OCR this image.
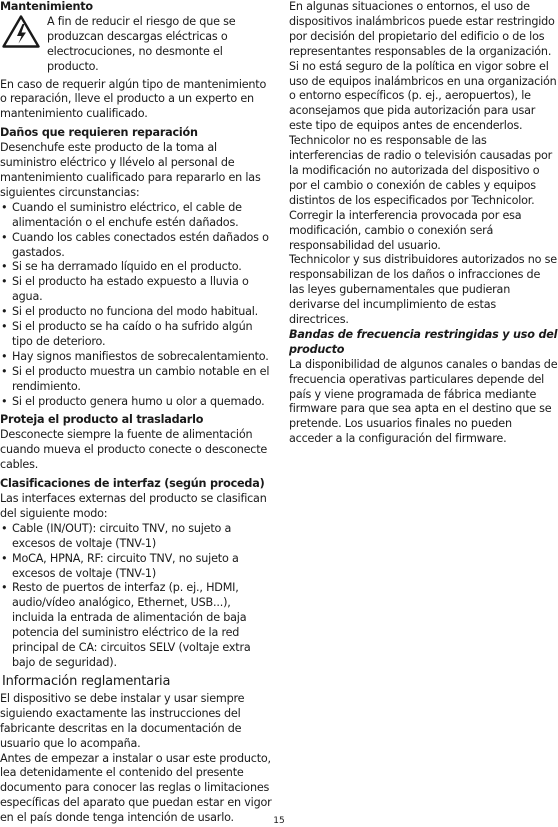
Mantenimiento

A fin de reducir el riesgo de que se produzcan descargas eléctricas o electrocuciones, no desmonte el producto.

En caso de requerir algún tipo de mantenimiento o reparación, lleve el producto a un experto en mantenimiento cualificado.

Daños que requieren reparación

Desenchufe este producto de la toma al suministro eléctrico y llévelo al personal de mantenimiento cualificado para repararlo en las siguientes circunstancias:

• Cuando el suministro eléctrico, el cable de alimentación o el enchufe estén dañados.
• Cuando los cables conectados estén dañados o gastados.
• Si se ha derramado líquido en el producto.
• Si el producto ha estado expuesto a lluvia o agua.
• Si el producto no funciona del modo habitual.
• Si el producto se ha caído o ha sufrido algún tipo de deterioro.
• Hay signos manifiestos de sobrecalentamiento.
• Si el producto muestra un cambio notable en el rendimiento.
• Si el producto genera humo u olor a quemado.

Proteja el producto al trasladarlo

Desconecte siempre la fuente de alimentación cuando mueva el producto conecte o desconecte cables.

Clasificaciones de interfaz (según proceda)

Las interfaces externas del producto se clasifican del siguiente modo:

• Cable (IN/OUT): circuito TNV, no sujeto a excesos de voltaje (TNV-1)
• MoCA, HPNA, RF: circuito TNV, no sujeto a excesos de voltaje (TNV-1)
• Resto de puertos de interfaz (p. ej., HDMI, audio/vídeo analógico, Ethernet, USB...), incluida la entrada de alimentación de baja potencia del suministro eléctrico de la red principal de CA: circuitos SELV (voltaje extra bajo de seguridad).

Información reglamentaria

El dispositivo se debe instalar y usar siempre siguiendo exactamente las instrucciones del fabricante descritas en la documentación de usuario que lo acompaña.

Antes de empezar a instalar o usar este producto, lea detenidamente el contenido del presente documento para conocer las reglas o limitaciones específicas del aparato que puedan estar en vigor en el país donde tenga intención de usarlo.

En algunas situaciones o entornos, el uso de dispositivos inalámbricos puede estar restringido por decisión del propietario del edificio o de los representantes responsables de la organización.

Si no está seguro de la política en vigor sobre el uso de equipos inalámbricos en una organización o entorno específicos (p. ej., aeropuertos), le aconsejamos que pida autorización para usar este tipo de equipos antes de encenderlos.

Technicolor no es responsable de las interferencias de radio o televisión causadas por la modificación no autorizada del dispositivo o por el cambio o conexión de cables y equipos distintos de los especificados por Technicolor. Corregir la interferencia provocada por esa modificación, cambio o conexión será responsabilidad del usuario.

Technicolor y sus distribuidores autorizados no se responsabilizan de los daños o infracciones de las leyes gubernamentales que pudieran derivarse del incumplimiento de estas directrices.

Bandas de frecuencia restringidas y uso del producto

La disponibilidad de algunos canales o bandas de frecuencia operativas particulares depende del país y viene programada de fábrica mediante firmware para que sea apta en el destino que se pretende. Los usuarios finales no pueden acceder a la configuración del firmware.

15
